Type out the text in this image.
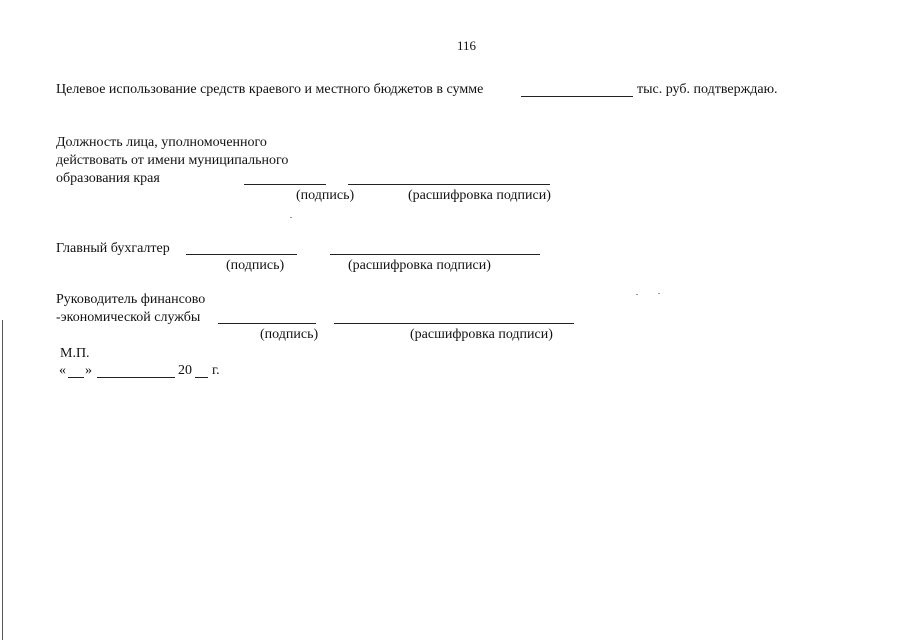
116
Целевое использование средств краевого и местного бюджетов в сумме	тыс. руб. подтверждаю.
Должность лица, уполномоченного
действовать от имени муниципального
образования края
(подпись)	(расшифровка подписи)
Главный бухгалтер
(подпись)	(расшифровка подписи)
Руководитель финансово
-экономической службы
(подпись)	(расшифровка подписи)
М.П.
« »	20 г.
